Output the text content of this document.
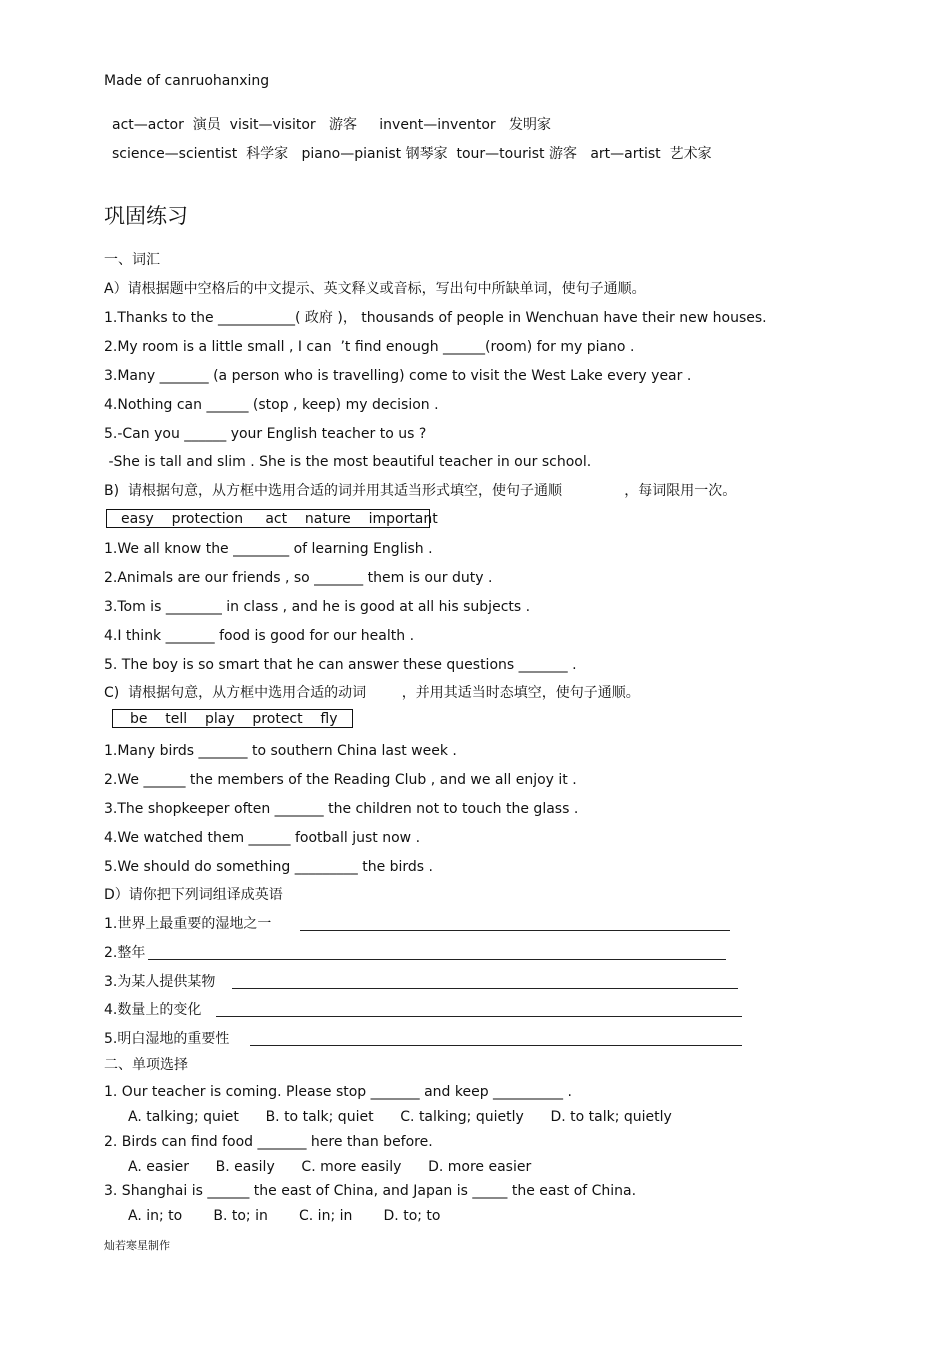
Made of canruohanxing
act—actor  演员  visit—visitor   游客     invent—inventor   发明家
science—scientist  科学家   piano—pianist 钢琴家  tour—tourist 游客   art—artist  艺术家
巩固练习
一、词汇
A）请根据题中空格后的中文提示、英文释义或音标，写出句中所缺单词，使句子通顺。
1.Thanks to the ___________( 政府 )， thousands of people in Wenchuan have their new houses.
2.My room is a little small , I can  ’t find enough ______(room) for my piano .
3.Many _______ (a person who is travelling) come to visit the West Lake every year .
4.Nothing can ______ (stop , keep) my decision .
5.-Can you ______ your English teacher to us ?
-She is tall and slim . She is the most beautiful teacher in our school.
B)  请根据句意，从方框中选用合适的词并用其适当形式填空，使句子通顺              ，每词限用一次。
easy    protection     act    nature    important
1.We all know the ________ of learning English .
2.Animals are our friends , so _______ them is our duty .
3.Tom is ________ in class , and he is good at all his subjects .
4.I think _______ food is good for our health .
5. The boy is so smart that he can answer these questions _______ .
C)  请根据句意，从方框中选用合适的动词        ，并用其适当时态填空，使句子通顺。
be    tell    play    protect    fly
1.Many birds _______ to southern China last week .
2.We ______ the members of the Reading Club , and we all enjoy it .
3.The shopkeeper often _______ the children not to touch the glass .
4.We watched them ______ football just now .
5.We should do something _________ the birds .
D）请你把下列词组译成英语
1.世界上最重要的湿地之一
2.整年
3.为某人提供某物
4.数量上的变化
5.明白湿地的重要性
二、单项选择
1. Our teacher is coming. Please stop _______ and keep __________ .
A. talking; quiet      B. to talk; quiet      C. talking; quietly      D. to talk; quietly
2. Birds can find food _______ here than before.
A. easier      B. easily      C. more easily      D. more easier
3. Shanghai is ______ the east of China, and Japan is _____ the east of China.
A. in; to       B. to; in       C. in; in       D. to; to
灿若寒星制作
